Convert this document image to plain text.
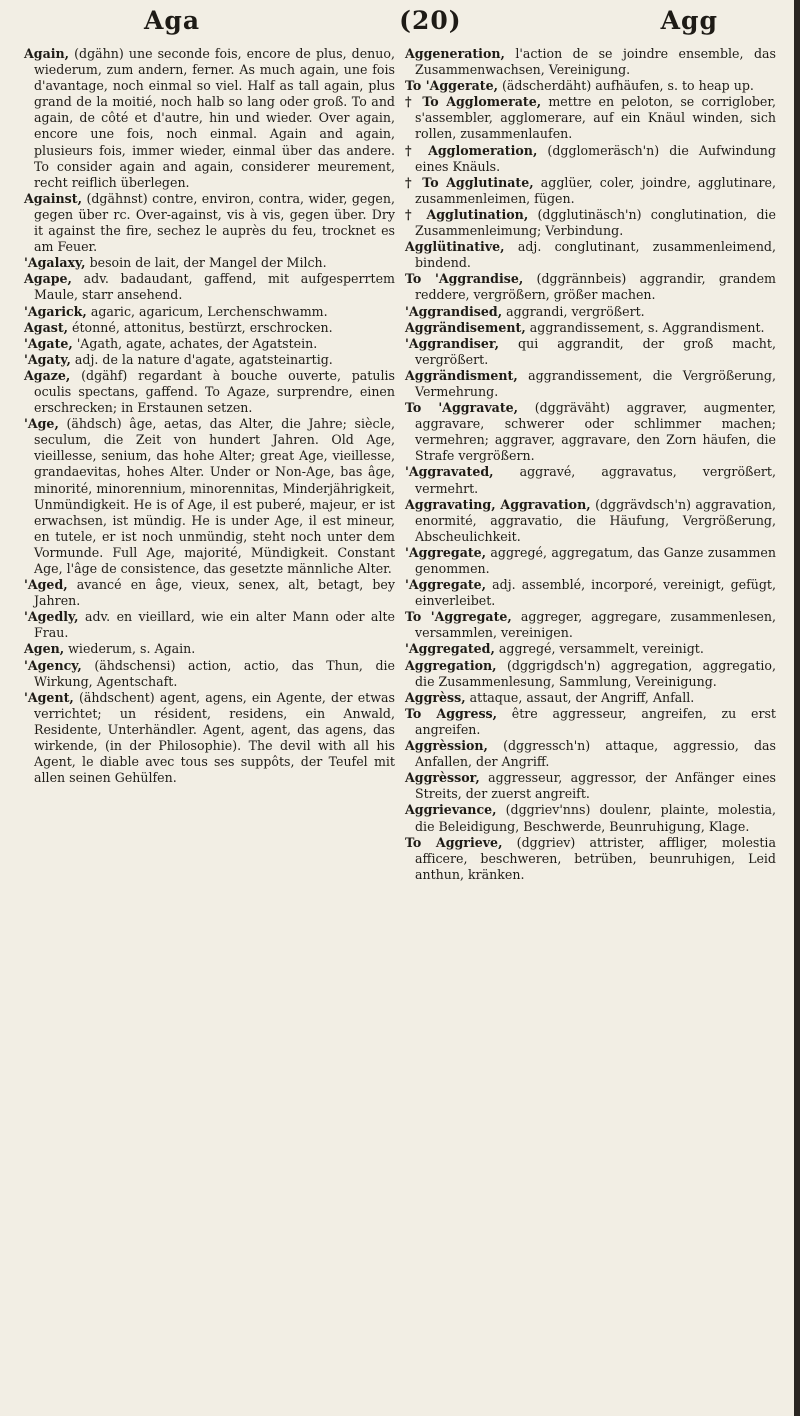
Aga	(20)	Agg

Again, (dgähn) une seconde fois, encore de plus, denuo, wiederum, zum andern, ferner. As much again, une fois d'avantage, noch einmal so viel. Half as tall again, plus grand de la moitié, noch halb so lang oder groß. To and again, de côté et d'autre, hin und wieder. Over again, encore une fois, noch einmal. Again and again, plusieurs fois, immer wieder, einmal über das andere. To consider again and again, considerer meurement, recht reiflich überlegen.

Against, (dgähnst) contre, environ, contra, wider, gegen, gegen über rc. Over-against, vis à vis, gegen über. Dry it against the fire, sechez le auprès du feu, trocknet es am Feuer.

'Agalaxy, besoin de lait, der Mangel der Milch.

Agape, adv. badaudant, gaffend, mit aufgesperrtem Maule, starr ansehend.

'Agarick, agaric, agaricum, Lerchenschwamm.

Agast, étonné, attonitus, bestürzt, erschrocken.

'Agate, 'Agath, agate, achates, der Agatstein.

'Agaty, adj. de la nature d'agate, agatsteinartig.

Agaze, (dgähf) regardant à bouche ouverte, patulis oculis spectans, gaffend. To Agaze, surprendre, einen erschrecken; in Erstaunen setzen.

'Age, (ähdsch) âge, aetas, das Alter, die Jahre; siècle, seculum, die Zeit von hundert Jahren. Old Age, vieillesse, senium, das hohe Alter; great Age, vieillesse, grandaevitas, hohes Alter. Under or Non-Age, bas âge, minorité, minorennium, minorennitas, Minderjährigkeit, Unmündigkeit. He is of Age, il est puberé, majeur, er ist erwachsen, ist mündig. He is under Age, il est mineur, en tutele, er ist noch unmündig, steht noch unter dem Vormunde. Full Age, majorité, Mündigkeit. Constant Age, l'âge de consistence, das gesetzte männliche Alter.

'Aged, avancé en âge, vieux, senex, alt, betagt, bey Jahren.

'Agedly, adv. en vieillard, wie ein alter Mann oder alte Frau.

Agen, wiederum, s. Again.

'Agency, (ähdschensi) action, actio, das Thun, die Wirkung, Agentschaft.

'Agent, (ähdschent) agent, agens, ein Agente, der etwas verrichtet; un résident, residens, ein Anwald, Residente, Unterhändler. Agent, agent, das agens, das wirkende, (in der Philosophie). The devil with all his Agent, le diable avec tous ses suppôts, der Teufel mit allen seinen Gehülfen.

Aggeneration, l'action de se joindre ensemble, das Zusammenwachsen, Vereinigung.

To 'Aggerate, (ädscherdäht) aufhäufen, s. to heap up.

† To Agglomerate, mettre en peloton, se corriglober, s'assembler, agglomerare, auf ein Knäul winden, sich rollen, zusammenlaufen.

† Agglomeration, (dgglomeräsch'n) die Aufwindung eines Knäuls.

† To Agglutinate, agglüer, coler, joindre, agglutinare, zusammenleimen, fügen.

† Agglutination, (dgglutinäsch'n) conglutination, die Zusammenleimung; Verbindung.

Agglütinative, adj. conglutinant, zusammenleimend, bindend.

To 'Aggrandise, (dggrännbeis) aggrandir, grandem reddere, vergrößern, größer machen.

'Aggrandised, aggrandi, vergrößert.

Aggrändisement, aggrandissement, s. Aggrandisment.

'Aggrandiser, qui aggrandit, der groß macht, vergrößert.

Aggrändisment, aggrandissement, die Vergrößerung, Vermehrung.

To 'Aggravate, (dggräväht) aggraver, augmenter, aggravare, schwerer oder schlimmer machen; vermehren; aggraver, aggravare, den Zorn häufen, die Strafe vergrößern.

'Aggravated, aggravé, aggravatus, vergrößert, vermehrt.

Aggravating, Aggravation, (dggrävdsch'n) aggravation, enormité, aggravatio, die Häufung, Vergrößerung, Abscheulichkeit.

'Aggregate, aggregé, aggregatum, das Ganze zusammen genommen.

'Aggregate, adj. assemblé, incorporé, vereinigt, gefügt, einverleibet.

To 'Aggregate, aggreger, aggregare, zusammenlesen, versammlen, vereinigen.

'Aggregated, aggregé, versammelt, vereinigt.

Aggregation, (dggrigdsch'n) aggregation, aggregatio, die Zusammenlesung, Sammlung, Vereinigung.

Aggrèss, attaque, assaut, der Angriff, Anfall.

To Aggress, être aggresseur, angreifen, zu erst angreifen.

Aggrèssion, (dggressch'n) attaque, aggressio, das Anfallen, der Angriff.

Aggrèssor, aggresseur, aggressor, der Anfänger eines Streits, der zuerst angreift.

Aggrievance, (dggriev'nns) doulenr, plainte, molestia, die Beleidigung, Beschwerde, Beunruhigung, Klage.

To Aggrieve, (dggriev) attrister, affliger, molestia afficere, beschweren, betrüben, beunruhigen, Leid anthun, kränken.
